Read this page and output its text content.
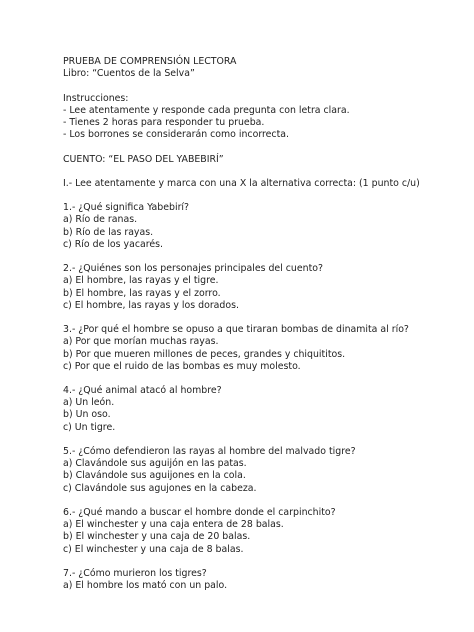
PRUEBA DE COMPRENSIÓN LECTORA
Libro: “Cuentos de la Selva”
Instrucciones:
- Lee atentamente y responde cada pregunta con letra clara.
- Tienes 2 horas para responder tu prueba.
- Los borrones se considerarán como incorrecta.
CUENTO: “EL PASO DEL YABEBIRÍ”
I.- Lee atentamente y marca con una X la alternativa correcta: (1 punto c/u)
1.- ¿Qué significa Yabebirí?
a) Río de ranas.
b) Río de las rayas.
c) Río de los yacarés.
2.- ¿Quiénes son los personajes principales del cuento?
a) El hombre, las rayas y el tigre.
b) El hombre, las rayas y el zorro.
c) El hombre, las rayas y los dorados.
3.- ¿Por qué el hombre se opuso a que tiraran bombas de dinamita al río?
a) Por que morían muchas rayas.
b) Por que mueren millones de peces, grandes y chiquititos.
c) Por que el ruido de las bombas es muy molesto.
4.- ¿Qué animal atacó al hombre?
a) Un león.
b) Un oso.
c) Un tigre.
5.- ¿Cómo defendieron las rayas al hombre del malvado tigre?
a) Clavándole sus aguijón en las patas.
b) Clavándole sus aguijones en la cola.
c) Clavándole sus agujones en la cabeza.
6.- ¿Qué mando a buscar el hombre donde el carpinchito?
a) El winchester y una caja entera de 28 balas.
b) El winchester y una caja de 20 balas.
c) El winchester y una caja de 8 balas.
7.- ¿Cómo murieron los tigres?
a) El hombre los mató con un palo.
